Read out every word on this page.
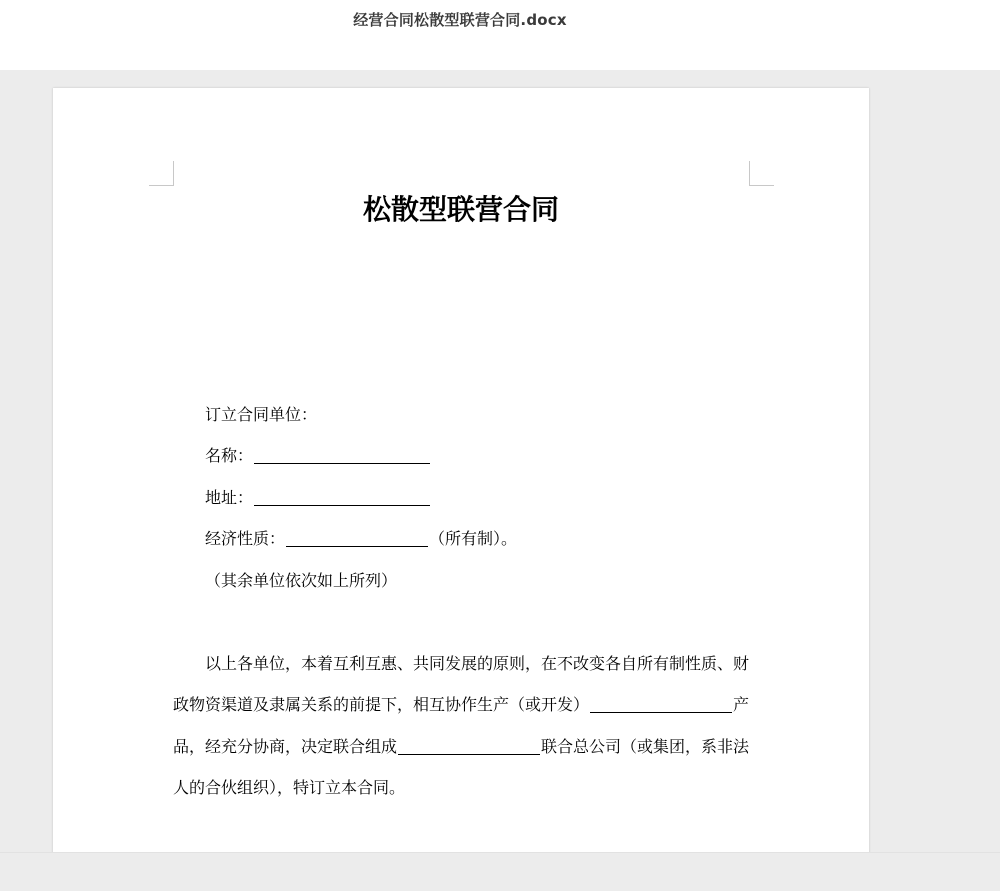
经营合同松散型联营合同.docx
松散型联营合同
订立合同单位：
名称：
地址：
经济性质：	（所有制）。
（其余单位依次如上所列）
以上各单位，本着互利互惠、共同发展的原则，在不改变各自所有制性质、财
政物资渠道及隶属关系的前提下，相互协作生产（或开发）	产
品，经充分协商，决定联合组成	联合总公司（或集团，系非法
人的合伙组织），特订立本合同。
